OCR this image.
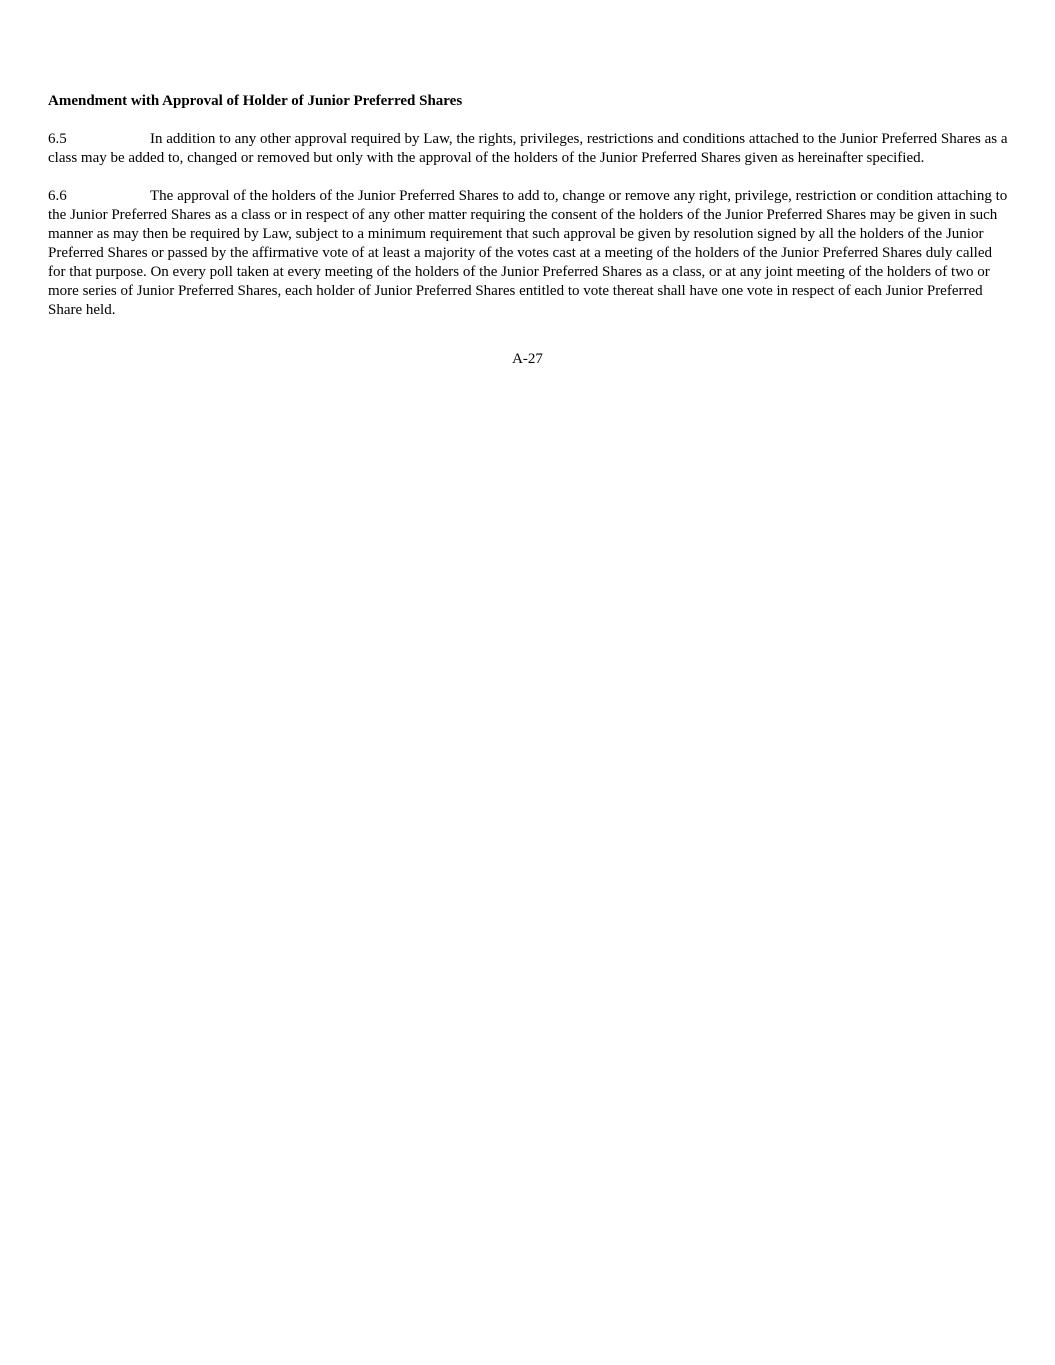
Amendment with Approval of Holder of Junior Preferred Shares

6.5	In addition to any other approval required by Law, the rights, privileges, restrictions and conditions attached to the Junior Preferred Shares as a class may be added to, changed or removed but only with the approval of the holders of the Junior Preferred Shares given as hereinafter specified.

6.6	The approval of the holders of the Junior Preferred Shares to add to, change or remove any right, privilege, restriction or condition attaching to the Junior Preferred Shares as a class or in respect of any other matter requiring the consent of the holders of the Junior Preferred Shares may be given in such manner as may then be required by Law, subject to a minimum requirement that such approval be given by resolution signed by all the holders of the Junior Preferred Shares or passed by the affirmative vote of at least a majority of the votes cast at a meeting of the holders of the Junior Preferred Shares duly called for that purpose. On every poll taken at every meeting of the holders of the Junior Preferred Shares as a class, or at any joint meeting of the holders of two or more series of Junior Preferred Shares, each holder of Junior Preferred Shares entitled to vote thereat shall have one vote in respect of each Junior Preferred Share held.

A-27
